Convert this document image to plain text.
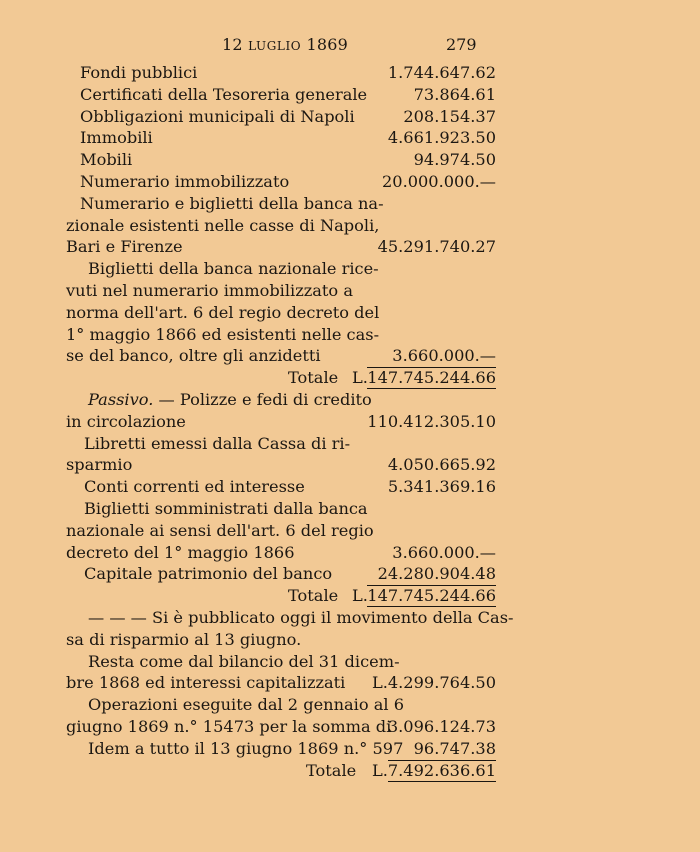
12 LUGLIO 1869	279
Fondi pubblici	1.744.647.62
Certificati della Tesoreria generale	73.864.61
Obbligazioni municipali di Napoli	208.154.37
Immobili	4.661.923.50
Mobili	94.974.50
Numerario immobilizzato	20.000.000.—
Numerario e biglietti della banca na-
zionale esistenti nelle casse di Napoli,
Bari e Firenze	45.291.740.27
Biglietti della banca nazionale rice-
vuti nel numerario immobilizzato a
norma dell'art. 6 del regio decreto del
1° maggio 1866 ed esistenti nelle cas-
se del banco, oltre gli anzidetti	3.660.000.—
Totale L. 147.745.244.66
Passivo. — Polizze e fedi di credito
in circolazione	110.412.305.10
Libretti emessi dalla Cassa di ri-
sparmio	4.050.665.92
Conti correnti ed interesse	5.341.369.16
Biglietti somministrati dalla banca
nazionale ai sensi dell'art. 6 del regio
decreto del 1° maggio 1866	3.660.000.—
Capitale patrimonio del banco	24.280.904.48
Totale L. 147.745.244.66
— — — Si è pubblicato oggi il movimento della Cas-
sa di risparmio al 13 giugno.
Resta come dal bilancio del 31 dicem-
bre 1868 ed interessi capitalizzati L. 4.299.764.50
Operazioni eseguite dal 2 gennaio al 6
giugno 1869 n.° 15473 per la somma di
3.096.124.73
Idem a tutto il 13 giugno 1869 n.° 597 96.747.38
Totale L. 7.492.636.61
